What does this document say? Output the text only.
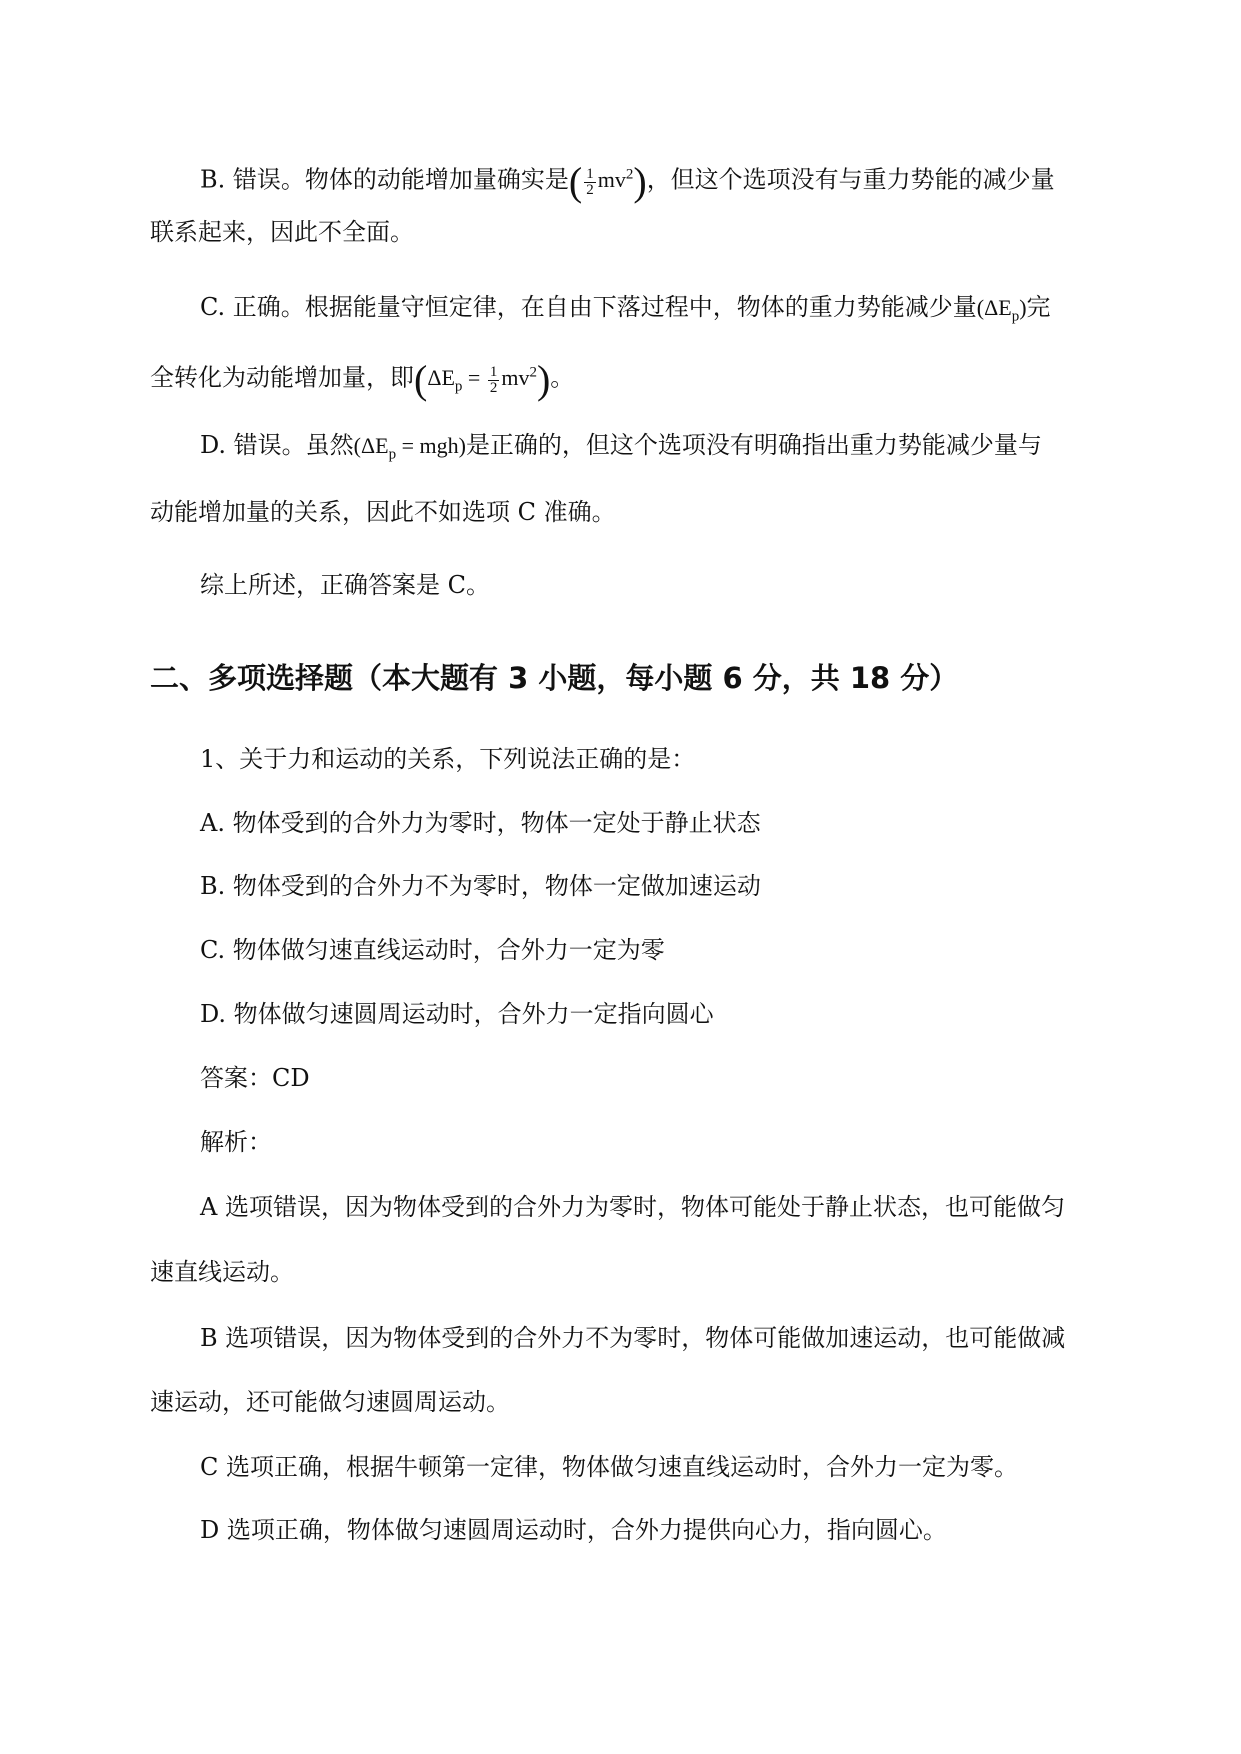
B. 错误。物体的动能增加量确实是( $\frac{1}{2} mv^2$)，但这个选项没有与重力势能的减少量
联系起来，因此不全面。
C. 正确。根据能量守恒定律，在自由下落过程中，物体的重力势能减少量$(\Delta E_p)$完
全转化为动能增加量，即$(\Delta E_p = \frac{1}{2} mv^2)$。
D. 错误。虽然$(\Delta E_p = mgh)$是正确的，但这个选项没有明确指出重力势能减少量与
动能增加量的关系，因此不如选项 C 准确。
综上所述，正确答案是 C。
二、多项选择题（本大题有 3 小题，每小题 6 分，共 18 分）
1、关于力和运动的关系，下列说法正确的是：
A. 物体受到的合外力为零时，物体一定处于静止状态
B. 物体受到的合外力不为零时，物体一定做加速运动
C. 物体做匀速直线运动时，合外力一定为零
D. 物体做匀速圆周运动时，合外力一定指向圆心
答案：CD
解析：
A 选项错误，因为物体受到的合外力为零时，物体可能处于静止状态，也可能做匀
速直线运动。
B 选项错误，因为物体受到的合外力不为零时，物体可能做加速运动，也可能做减
速运动，还可能做匀速圆周运动。
C 选项正确，根据牛顿第一定律，物体做匀速直线运动时，合外力一定为零。
D 选项正确，物体做匀速圆周运动时，合外力提供向心力，指向圆心。
